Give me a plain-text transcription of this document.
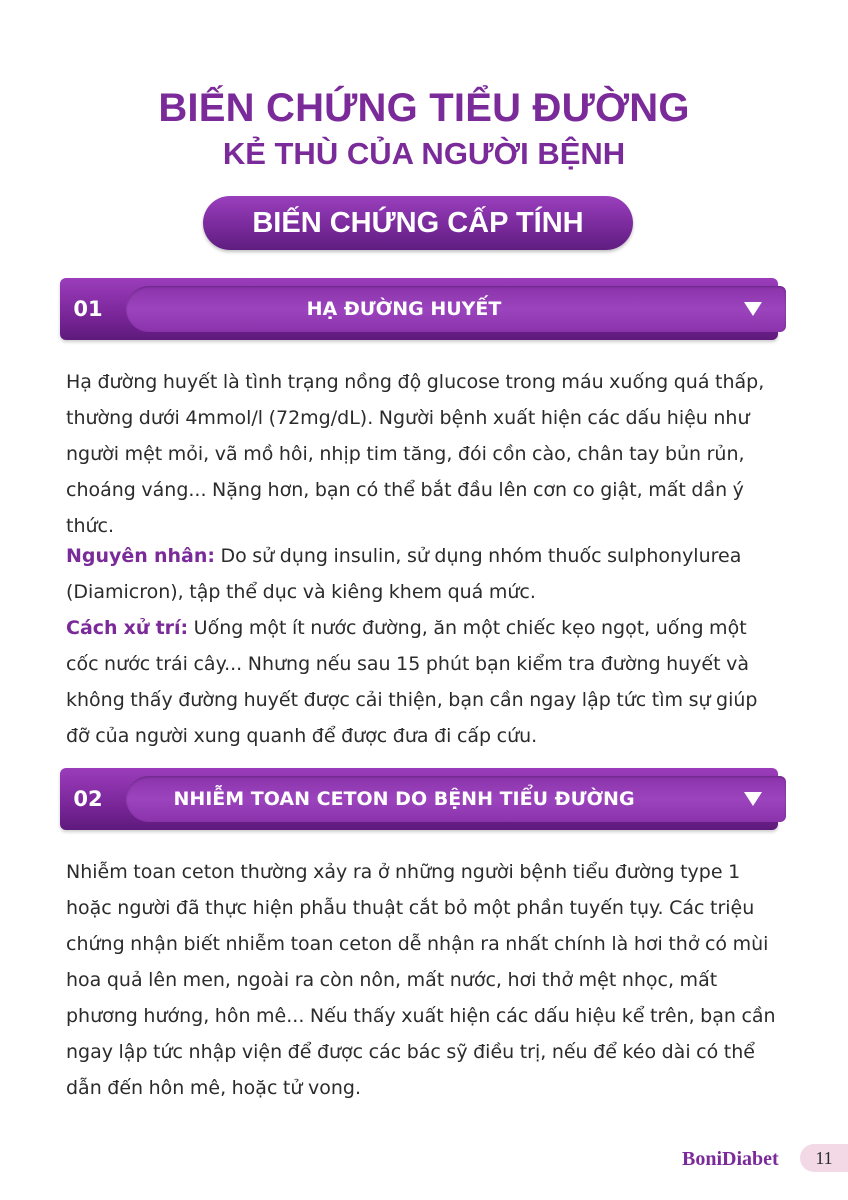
BIẾN CHỨNG TIỂU ĐƯỜNG
KẺ THÙ CỦA NGƯỜI BỆNH
BIẾN CHỨNG CẤP TÍNH
01	HẠ ĐƯỜNG HUYẾT

Hạ đường huyết là tình trạng nồng độ glucose trong máu xuống quá thấp, thường dưới 4mmol/l (72mg/dL). Người bệnh xuất hiện các dấu hiệu như người mệt mỏi, vã mồ hôi, nhịp tim tăng, đói cồn cào, chân tay bủn rủn, choáng váng... Nặng hơn, bạn có thể bắt đầu lên cơn co giật, mất dần ý thức.

Nguyên nhân: Do sử dụng insulin, sử dụng nhóm thuốc sulphonylurea (Diamicron), tập thể dục và kiêng khem quá mức.

Cách xử trí: Uống một ít nước đường, ăn một chiếc kẹo ngọt, uống một cốc nước trái cây... Nhưng nếu sau 15 phút bạn kiểm tra đường huyết và không thấy đường huyết được cải thiện, bạn cần ngay lập tức tìm sự giúp đỡ của người xung quanh để được đưa đi cấp cứu.

02	NHIỄM TOAN CETON DO BỆNH TIỂU ĐƯỜNG

Nhiễm toan ceton thường xảy ra ở những người bệnh tiểu đường type 1 hoặc người đã thực hiện phẫu thuật cắt bỏ một phần tuyến tụy. Các triệu chứng nhận biết nhiễm toan ceton dễ nhận ra nhất chính là hơi thở có mùi hoa quả lên men, ngoài ra còn nôn, mất nước, hơi thở mệt nhọc, mất phương hướng, hôn mê... Nếu thấy xuất hiện các dấu hiệu kể trên, bạn cần ngay lập tức nhập viện để được các bác sỹ điều trị, nếu để kéo dài có thể dẫn đến hôn mê, hoặc tử vong.

BoniDiabet	11
